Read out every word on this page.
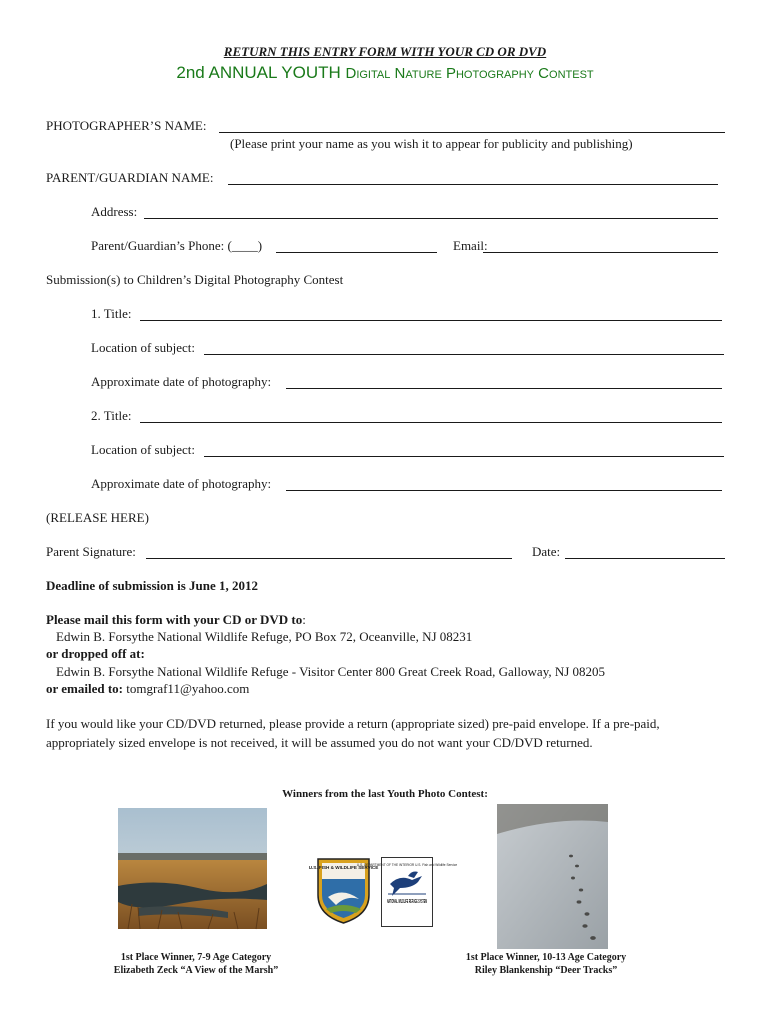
RETURN THIS ENTRY FORM WITH YOUR CD OR DVD
2nd ANNUAL YOUTH Digital Nature Photography Contest
PHOTOGRAPHER’S NAME:
(Please print your name as you wish it to appear for publicity and publishing)
PARENT/GUARDIAN NAME:
Address:
Parent/Guardian’s Phone: (____)	Email:
Submission(s) to Children’s Digital Photography Contest
1. Title:
Location of subject:
Approximate date of photography:
2. Title:
Location of subject:
Approximate date of photography:
(RELEASE HERE)
Parent Signature:	Date:
Deadline of submission is June 1, 2012
Please mail this form with your CD or DVD to:
Edwin B. Forsythe National Wildlife Refuge, PO Box 72, Oceanville, NJ 08231
or dropped off at:
Edwin B. Forsythe National Wildlife Refuge - Visitor Center 800 Great Creek Road, Galloway, NJ 08205
or emailed to: tomgraf11@yahoo.com
If you would like your CD/DVD returned, please provide a return (appropriate sized) pre-paid envelope. If a pre-paid, appropriately sized envelope is not received, it will be assumed you do not want your CD/DVD returned.
Winners from the last Youth Photo Contest:
1st Place Winner, 7-9 Age Category
Elizabeth Zeck “A View of the Marsh”
U.S. FISH & WILDLIFE SERVICE
U.S. DEPARTMENT OF THE INTERIOR U.S. Fish and Wildlife Service
NATIONAL WILDLIFE REFUGE SYSTEM
1st Place Winner, 10-13 Age Category
Riley Blankenship “Deer Tracks”
